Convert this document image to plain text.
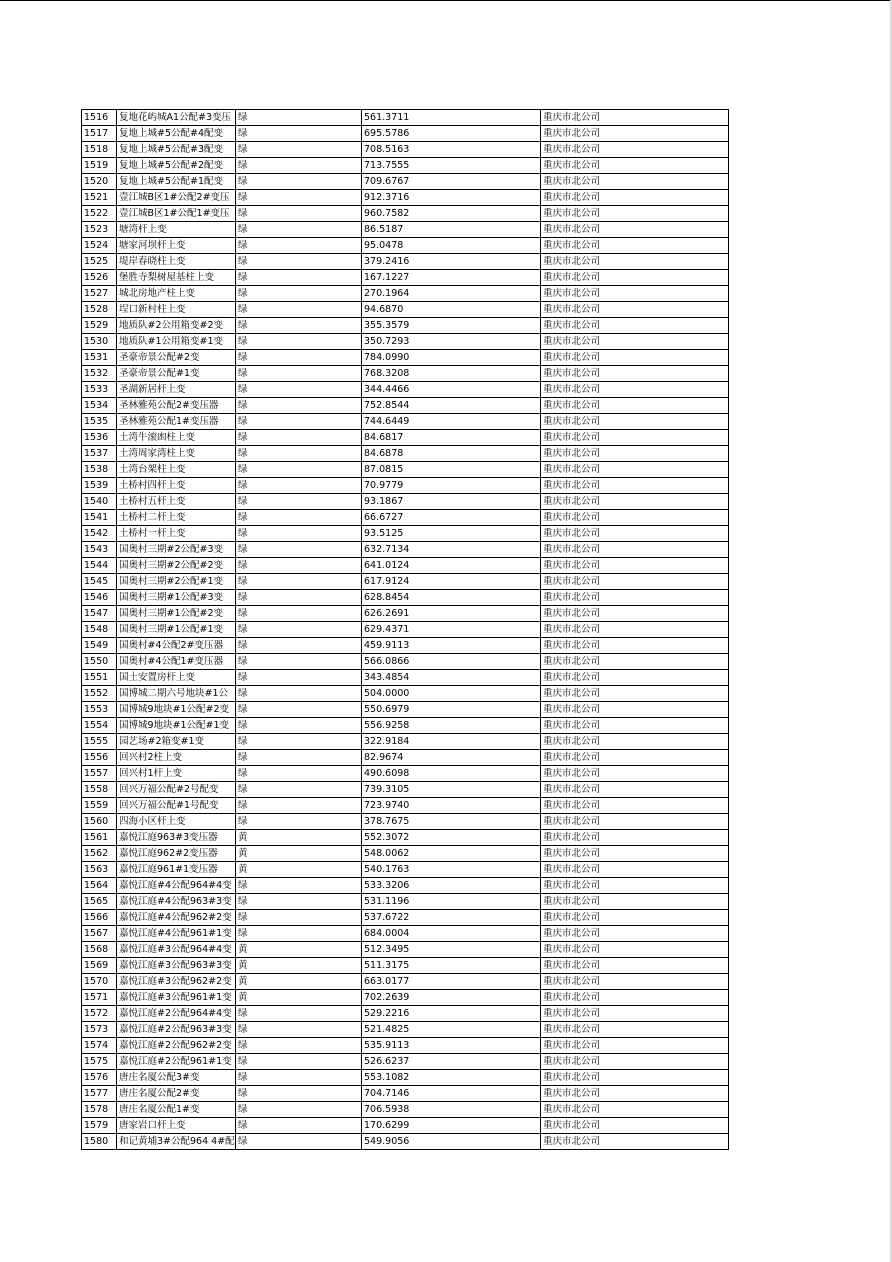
1516	复地花屿城A1公配#3变压	绿	561.3711	重庆市北公司
1517	复地上城#5公配#4配变	绿	695.5786	重庆市北公司
1518	复地上城#5公配#3配变	绿	708.5163	重庆市北公司
1519	复地上城#5公配#2配变	绿	713.7555	重庆市北公司
1520	复地上城#5公配#1配变	绿	709.6767	重庆市北公司
1521	壹江城B区1#公配2#变压	绿	912.3716	重庆市北公司
1522	壹江城B区1#公配1#变压	绿	960.7582	重庆市北公司
1523	塘湾杆上变	绿	86.5187	重庆市北公司
1524	塘家河坝杆上变	绿	95.0478	重庆市北公司
1525	堤岸春晓柱上变	绿	379.2416	重庆市北公司
1526	堡胜寺梨树屋基柱上变	绿	167.1227	重庆市北公司
1527	城北房地产柱上变	绿	270.1964	重庆市北公司
1528	埕口新村柱上变	绿	94.6870	重庆市北公司
1529	地质队#2公用箱变#2变	绿	355.3579	重庆市北公司
1530	地质队#1公用箱变#1变	绿	350.7293	重庆市北公司
1531	圣豪帝景公配#2变	绿	784.0990	重庆市北公司
1532	圣豪帝景公配#1变	绿	768.3208	重庆市北公司
1533	圣湖新居杆上变	绿	344.4466	重庆市北公司
1534	圣林雅苑公配2#变压器	绿	752.8544	重庆市北公司
1535	圣林雅苑公配1#变压器	绿	744.6449	重庆市北公司
1536	土湾牛滚凼柱上变	绿	84.6817	重庆市北公司
1537	土湾周家湾柱上变	绿	84.6878	重庆市北公司
1538	土湾台架柱上变	绿	87.0815	重庆市北公司
1539	土桥村四杆上变	绿	70.9779	重庆市北公司
1540	土桥村五杆上变	绿	93.1867	重庆市北公司
1541	土桥村二杆上变	绿	66.6727	重庆市北公司
1542	土桥村一杆上变	绿	93.5125	重庆市北公司
1543	国奥村三期#2公配#3变	绿	632.7134	重庆市北公司
1544	国奥村三期#2公配#2变	绿	641.0124	重庆市北公司
1545	国奥村三期#2公配#1变	绿	617.9124	重庆市北公司
1546	国奥村三期#1公配#3变	绿	628.8454	重庆市北公司
1547	国奥村三期#1公配#2变	绿	626.2691	重庆市北公司
1548	国奥村三期#1公配#1变	绿	629.4371	重庆市北公司
1549	国奥村#4公配2#变压器	绿	459.9113	重庆市北公司
1550	国奥村#4公配1#变压器	绿	566.0866	重庆市北公司
1551	国土安置房杆上变	绿	343.4854	重庆市北公司
1552	国博城二期六号地块#1公	绿	504.0000	重庆市北公司
1553	国博城9地块#1公配#2变	绿	550.6979	重庆市北公司
1554	国博城9地块#1公配#1变	绿	556.9258	重庆市北公司
1555	园艺场#2箱变#1变	绿	322.9184	重庆市北公司
1556	回兴村2柱上变	绿	82.9674	重庆市北公司
1557	回兴村1杆上变	绿	490.6098	重庆市北公司
1558	回兴万福公配#2号配变	绿	739.3105	重庆市北公司
1559	回兴万福公配#1号配变	绿	723.9740	重庆市北公司
1560	四海小区杆上变	绿	378.7675	重庆市北公司
1561	嘉悦江庭963#3变压器	黄	552.3072	重庆市北公司
1562	嘉悦江庭962#2变压器	黄	548.0062	重庆市北公司
1563	嘉悦江庭961#1变压器	黄	540.1763	重庆市北公司
1564	嘉悦江庭#4公配964#4变	绿	533.3206	重庆市北公司
1565	嘉悦江庭#4公配963#3变	绿	531.1196	重庆市北公司
1566	嘉悦江庭#4公配962#2变	绿	537.6722	重庆市北公司
1567	嘉悦江庭#4公配961#1变	绿	684.0004	重庆市北公司
1568	嘉悦江庭#3公配964#4变	黄	512.3495	重庆市北公司
1569	嘉悦江庭#3公配963#3变	黄	511.3175	重庆市北公司
1570	嘉悦江庭#3公配962#2变	黄	663.0177	重庆市北公司
1571	嘉悦江庭#3公配961#1变	黄	702.2639	重庆市北公司
1572	嘉悦江庭#2公配964#4变	绿	529.2216	重庆市北公司
1573	嘉悦江庭#2公配963#3变	绿	521.4825	重庆市北公司
1574	嘉悦江庭#2公配962#2变	绿	535.9113	重庆市北公司
1575	嘉悦江庭#2公配961#1变	绿	526.6237	重庆市北公司
1576	唐庄名厦公配3#变	绿	553.1082	重庆市北公司
1577	唐庄名厦公配2#变	绿	704.7146	重庆市北公司
1578	唐庄名厦公配1#变	绿	706.5938	重庆市北公司
1579	唐家岩口杆上变	绿	170.6299	重庆市北公司
1580	和记黄埔3#公配964 4#配	绿	549.9056	重庆市北公司
